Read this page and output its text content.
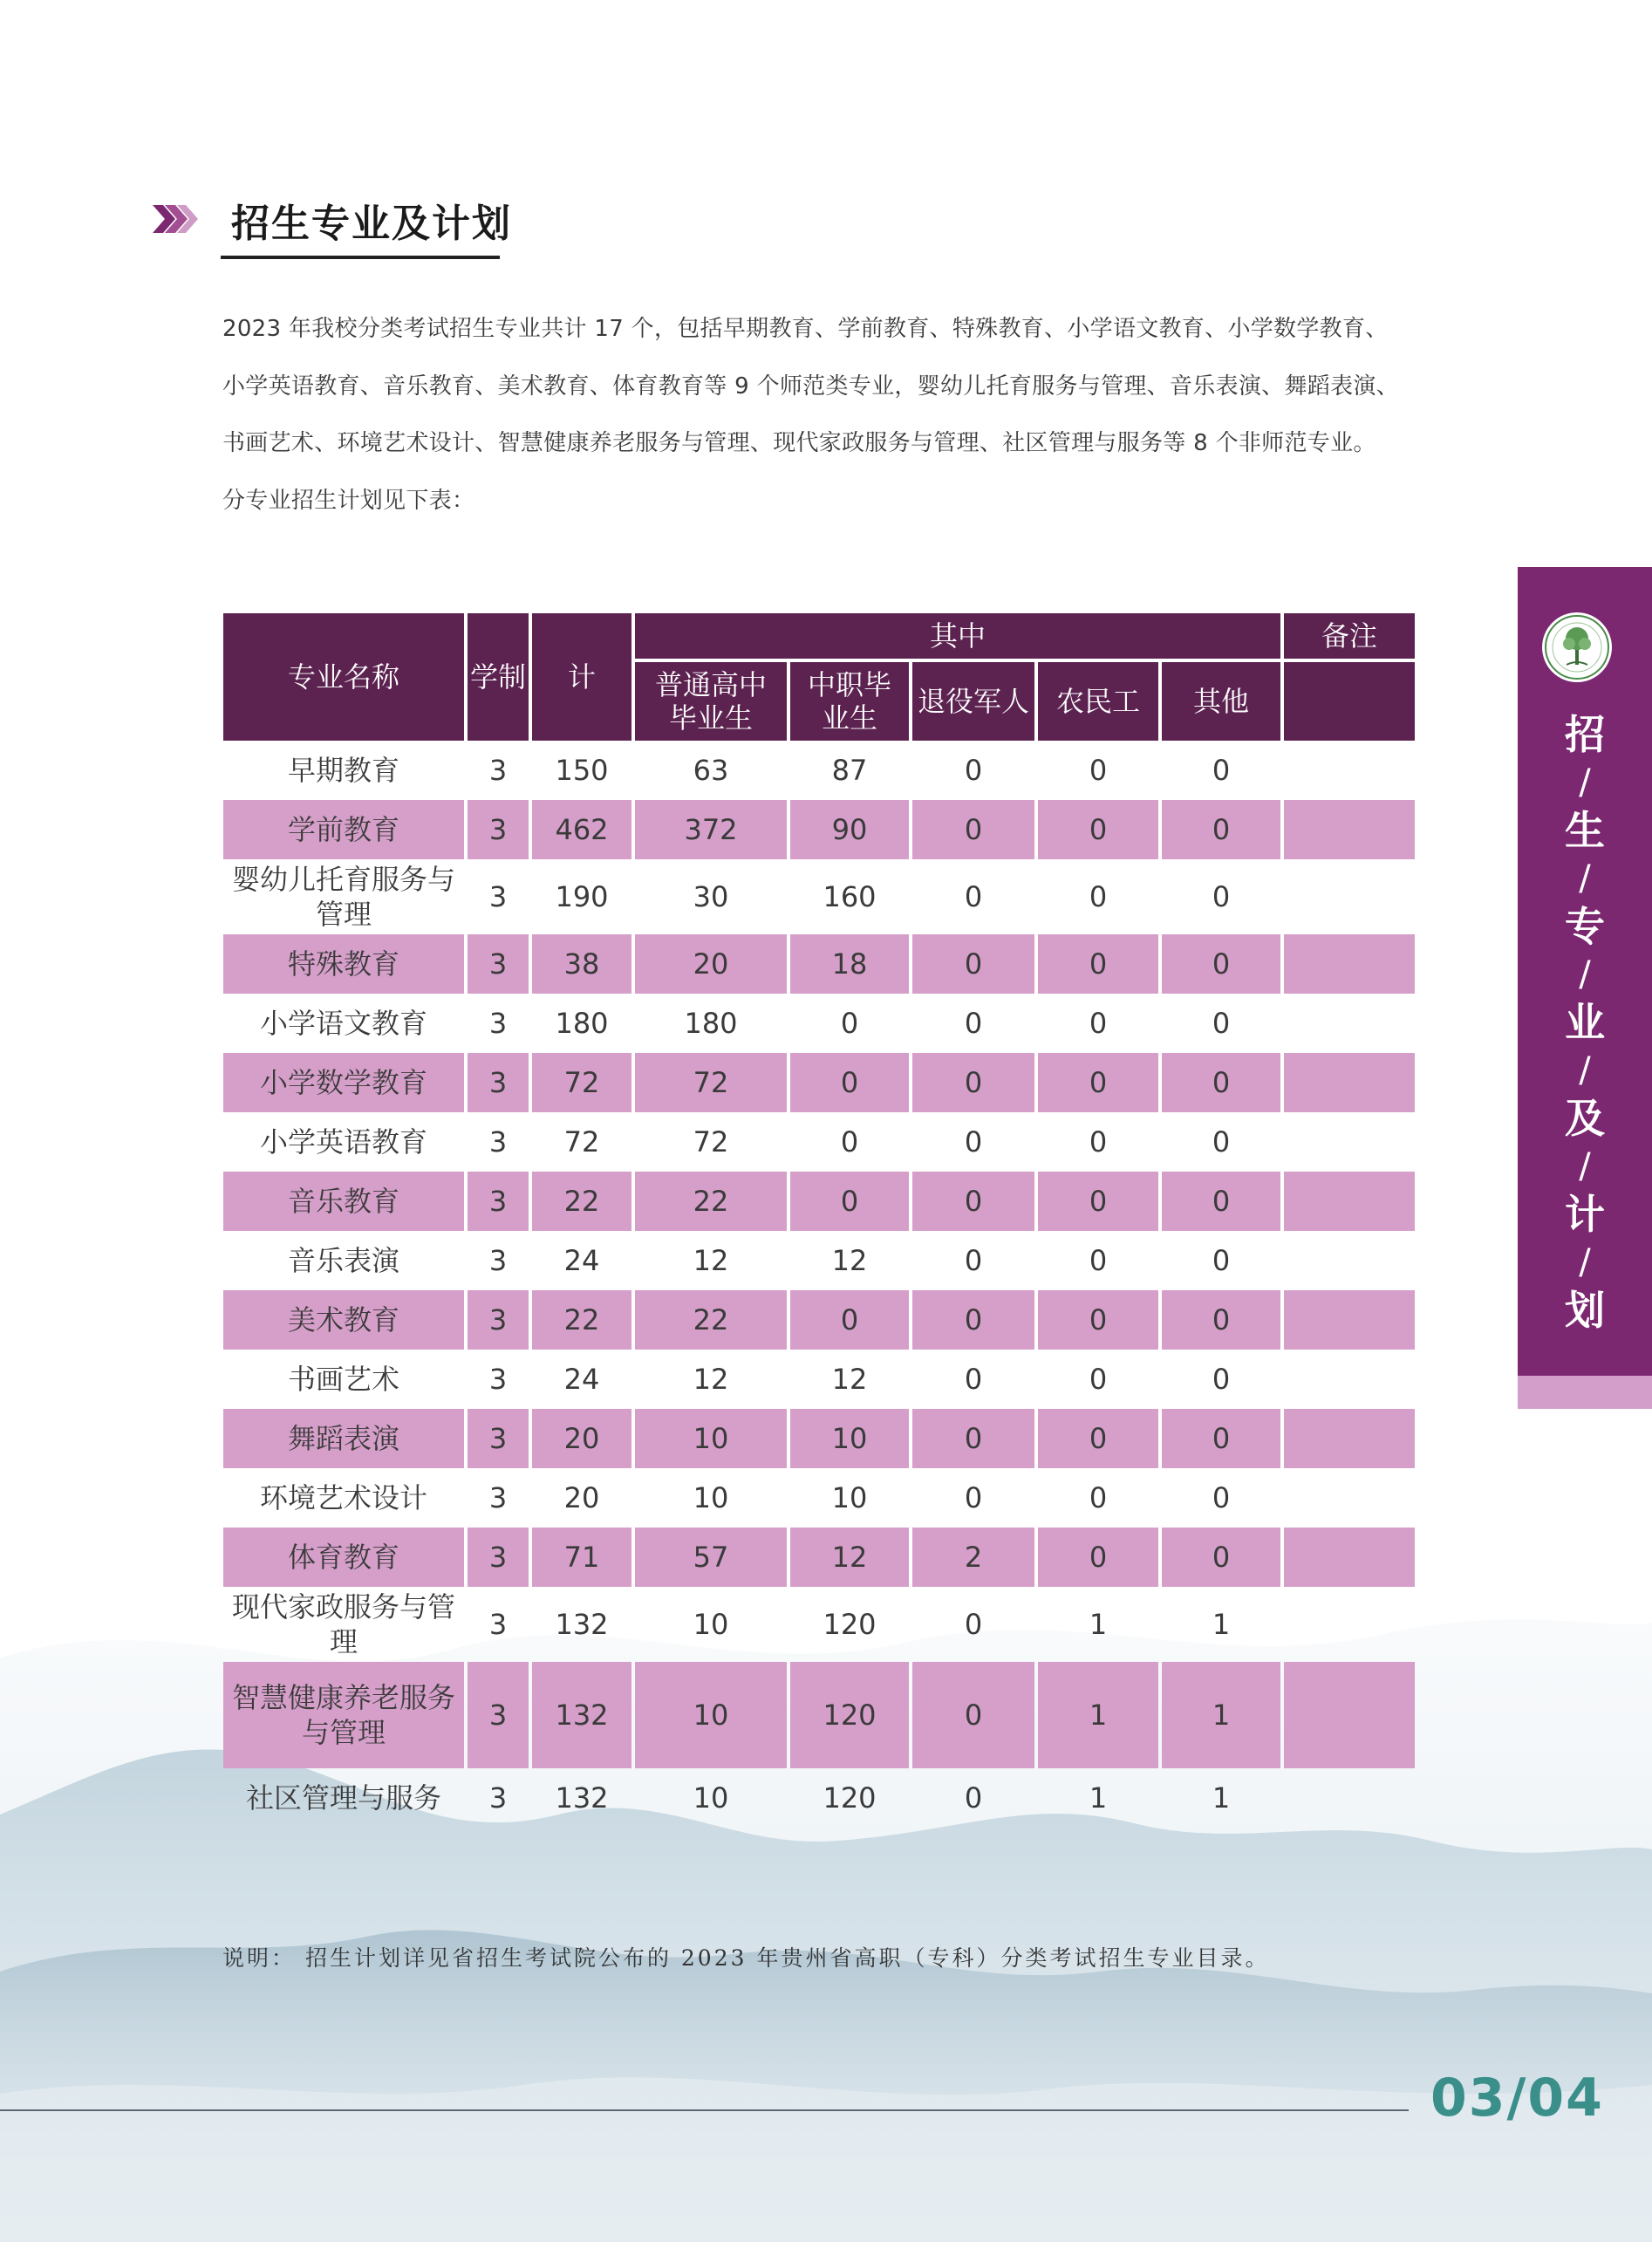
招生专业及计划

2023 年我校分类考试招生专业共计 17 个，包括早期教育、学前教育、特殊教育、小学语文教育、小学数学教育、

小学英语教育、音乐教育、美术教育、体育教育等 9 个师范类专业，婴幼儿托育服务与管理、音乐表演、舞蹈表演、

书画艺术、环境艺术设计、智慧健康养老服务与管理、现代家政服务与管理、社区管理与服务等 8 个非师范专业。

分专业招生计划见下表：

专业名称	学制	计	其中					备注
			普通高中毕业生	中职毕业生	退役军人	农民工	其他	
早期教育	3	150	63	87	0	0	0	
学前教育	3	462	372	90	0	0	0	
婴幼儿托育服务与管理	3	190	30	160	0	0	0	
特殊教育	3	38	20	18	0	0	0	
小学语文教育	3	180	180	0	0	0	0	
小学数学教育	3	72	72	0	0	0	0	
小学英语教育	3	72	72	0	0	0	0	
音乐教育	3	22	22	0	0	0	0	
音乐表演	3	24	12	12	0	0	0	
美术教育	3	22	22	0	0	0	0	
书画艺术	3	24	12	12	0	0	0	
舞蹈表演	3	20	10	10	0	0	0	
环境艺术设计	3	20	10	10	0	0	0	
体育教育	3	71	57	12	2	0	0	
现代家政服务与管理	3	132	10	120	0	1	1	
智慧健康养老服务与管理	3	132	10	120	0	1	1	
社区管理与服务	3	132	10	120	0	1	1	
招
/
生
/
专
/
业
/
及
/
计
/
划
说明： 招生计划详见省招生考试院公布的 2023 年贵州省高职（专科）分类考试招生专业目录。
03/04
